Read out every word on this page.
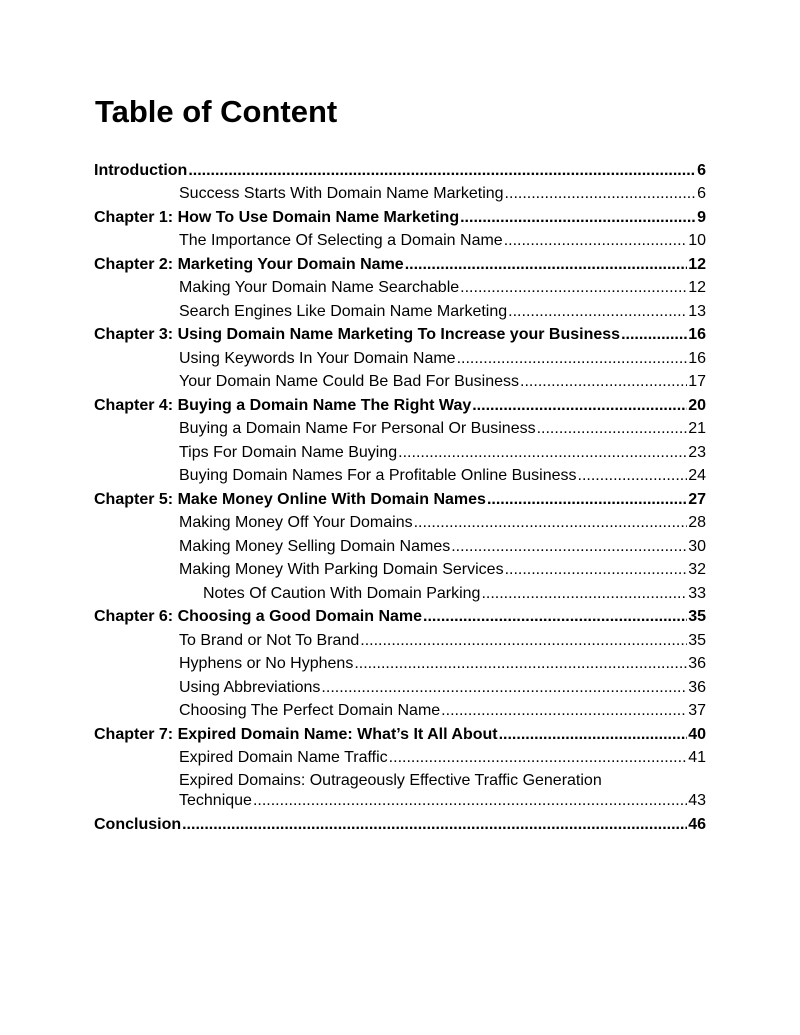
Table of Content
Introduction .....	6
Success Starts With Domain Name Marketing .....	6
Chapter 1: How To Use Domain Name Marketing .....	9
The Importance Of Selecting a Domain Name .....	10
Chapter 2: Marketing Your Domain Name .....	12
Making Your Domain Name Searchable .....	12
Search Engines Like Domain Name Marketing .....	13
Chapter 3: Using Domain Name Marketing To Increase your Business .....	16
Using Keywords In Your Domain Name .....	16
Your Domain Name Could Be Bad For Business .....	17
Chapter 4: Buying a Domain Name The Right Way .....	20
Buying a Domain Name For Personal Or Business .....	21
Tips For Domain Name Buying .....	23
Buying Domain Names For a Profitable Online Business .....	24
Chapter 5: Make Money Online With Domain Names .....	27
Making Money Off Your Domains .....	28
Making Money Selling Domain Names .....	30
Making Money With Parking Domain Services .....	32
Notes Of Caution With Domain Parking .....	33
Chapter 6: Choosing a Good Domain Name .....	35
To Brand or Not To Brand .....	35
Hyphens or No Hyphens .....	36
Using Abbreviations .....	36
Choosing The Perfect Domain Name .....	37
Chapter 7: Expired Domain Name: What’s It All About .....	40
Expired Domain Name Traffic .....	41
Expired Domains: Outrageously Effective Traffic Generation
Technique .....	43
Conclusion .....	46
